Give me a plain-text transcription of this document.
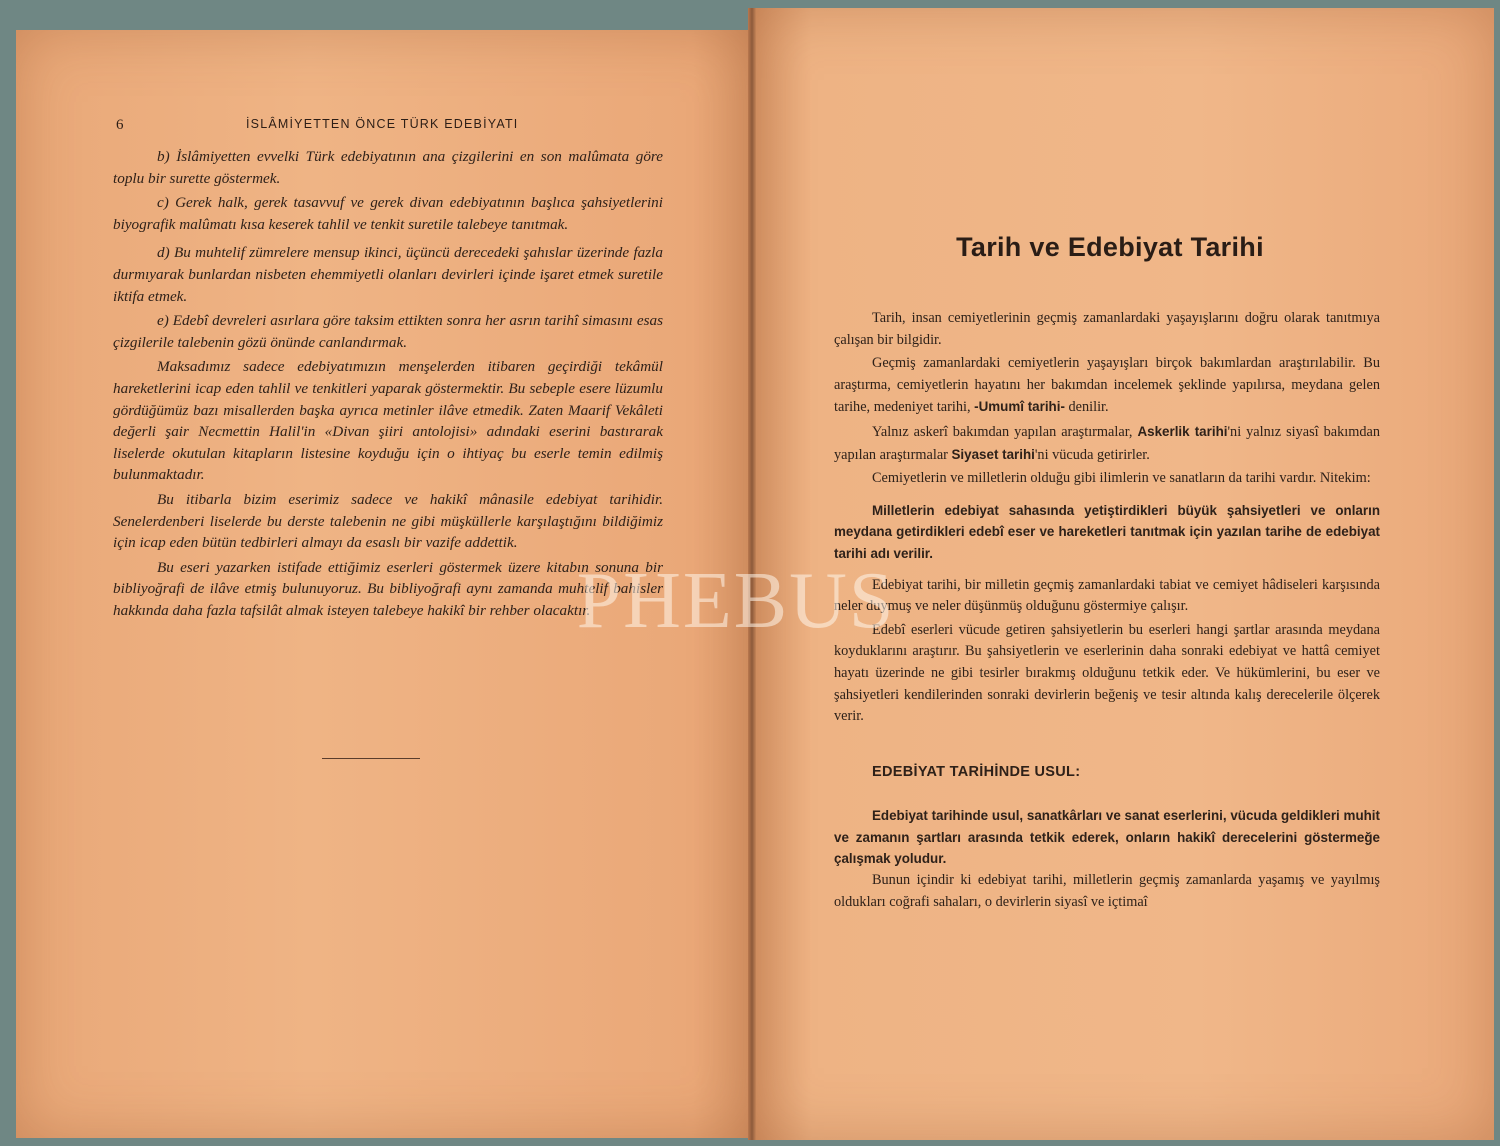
6	İSLÂMİYETTEN ÖNCE TÜRK EDEBİYATI

b) İslâmiyetten evvelki Türk edebiyatının ana çizgilerini en son malûmata göre toplu bir surette göstermek.

c) Gerek halk, gerek tasavvuf ve gerek divan edebiyatının başlıca şahsiyetlerini biyografik malûmatı kısa keserek tahlil ve tenkit suretile talebeye tanıtmak.

d) Bu muhtelif zümrelere mensup ikinci, üçüncü derecedeki şahıslar üzerinde fazla durmıyarak bunlardan nisbeten ehemmiyetli olanları devirleri içinde işaret etmek suretile iktifa etmek.

e) Edebî devreleri asırlara göre taksim ettikten sonra her asrın tarihî simasını esas çizgilerile talebenin gözü önünde canlandırmak.

Maksadımız sadece edebiyatımızın menşelerden itibaren geçirdiği tekâmül hareketlerini icap eden tahlil ve tenkitleri yaparak göstermektir. Bu sebeple esere lüzumlu gördüğümüz bazı misallerden başka ayrıca metinler ilâve etmedik. Zaten Maarif Vekâleti değerli şair Necmettin Halil'in «Divan şiiri antolojisi» adındaki eserini bastırarak liselerde okutulan kitapların listesine koyduğu için o ihtiyaç bu eserle temin edilmiş bulunmaktadır.

Bu itibarla bizim eserimiz sadece ve hakikî mânasile edebiyat tarihidir. Senelerdenberi liselerde bu derste talebenin ne gibi müşküllerle karşılaştığını bildiğimiz için icap eden bütün tedbirleri almayı da esaslı bir vazife addettik.

Bu eseri yazarken istifade ettiğimiz eserleri göstermek üzere kitabın sonuna bir bibliyoğrafi de ilâve etmiş bulunuyoruz. Bu bibliyoğrafi aynı zamanda muhtelif bahisler hakkında daha fazla tafsilât almak isteyen talebeye hakikî bir rehber olacaktır.

Tarih ve Edebiyat Tarihi

Tarih, insan cemiyetlerinin geçmiş zamanlardaki yaşayışlarını doğru olarak tanıtmıya çalışan bir bilgidir.

Geçmiş zamanlardaki cemiyetlerin yaşayışları birçok bakımlardan araştırılabilir. Bu araştırma, cemiyetlerin hayatını her bakımdan incelemek şeklinde yapılırsa, meydana gelen tarihe, medeniyet tarihi, -Umumî tarihi- denilir.

Yalnız askerî bakımdan yapılan araştırmalar, Askerlik tarihi'ni yalnız siyasî bakımdan yapılan araştırmalar Siyaset tarihi'ni vücuda getirirler.

Cemiyetlerin ve milletlerin olduğu gibi ilimlerin ve sanatların da tarihi vardır. Nitekim:

Milletlerin edebiyat sahasında yetiştirdikleri büyük şahsiyetleri ve onların meydana getirdikleri edebî eser ve hareketleri tanıtmak için yazılan tarihe de edebiyat tarihi adı verilir.

Edebiyat tarihi, bir milletin geçmiş zamanlardaki tabiat ve cemiyet hâdiseleri karşısında neler duymuş ve neler düşünmüş olduğunu göstermiye çalışır.

Edebî eserleri vücude getiren şahsiyetlerin bu eserleri hangi şartlar arasında meydana koyduklarını araştırır. Bu şahsiyetlerin ve eserlerinin daha sonraki edebiyat ve hattâ cemiyet hayatı üzerinde ne gibi tesirler bırakmış olduğunu tetkik eder. Ve hükümlerini, bu eser ve şahsiyetleri kendilerinden sonraki devirlerin beğeniş ve tesir altında kalış derecelerile ölçerek verir.

EDEBİYAT TARİHİNDE USUL:

Edebiyat tarihinde usul, sanatkârları ve sanat eserlerini, vücuda geldikleri muhit ve zamanın şartları arasında tetkik ederek, onların hakikî derecelerini göstermeğe çalışmak yoludur.

Bunun içindir ki edebiyat tarihi, milletlerin geçmiş zamanlarda yaşamış ve yayılmış oldukları coğrafi sahaları, o devirlerin siyasî ve içtimaî

PHEBUS
